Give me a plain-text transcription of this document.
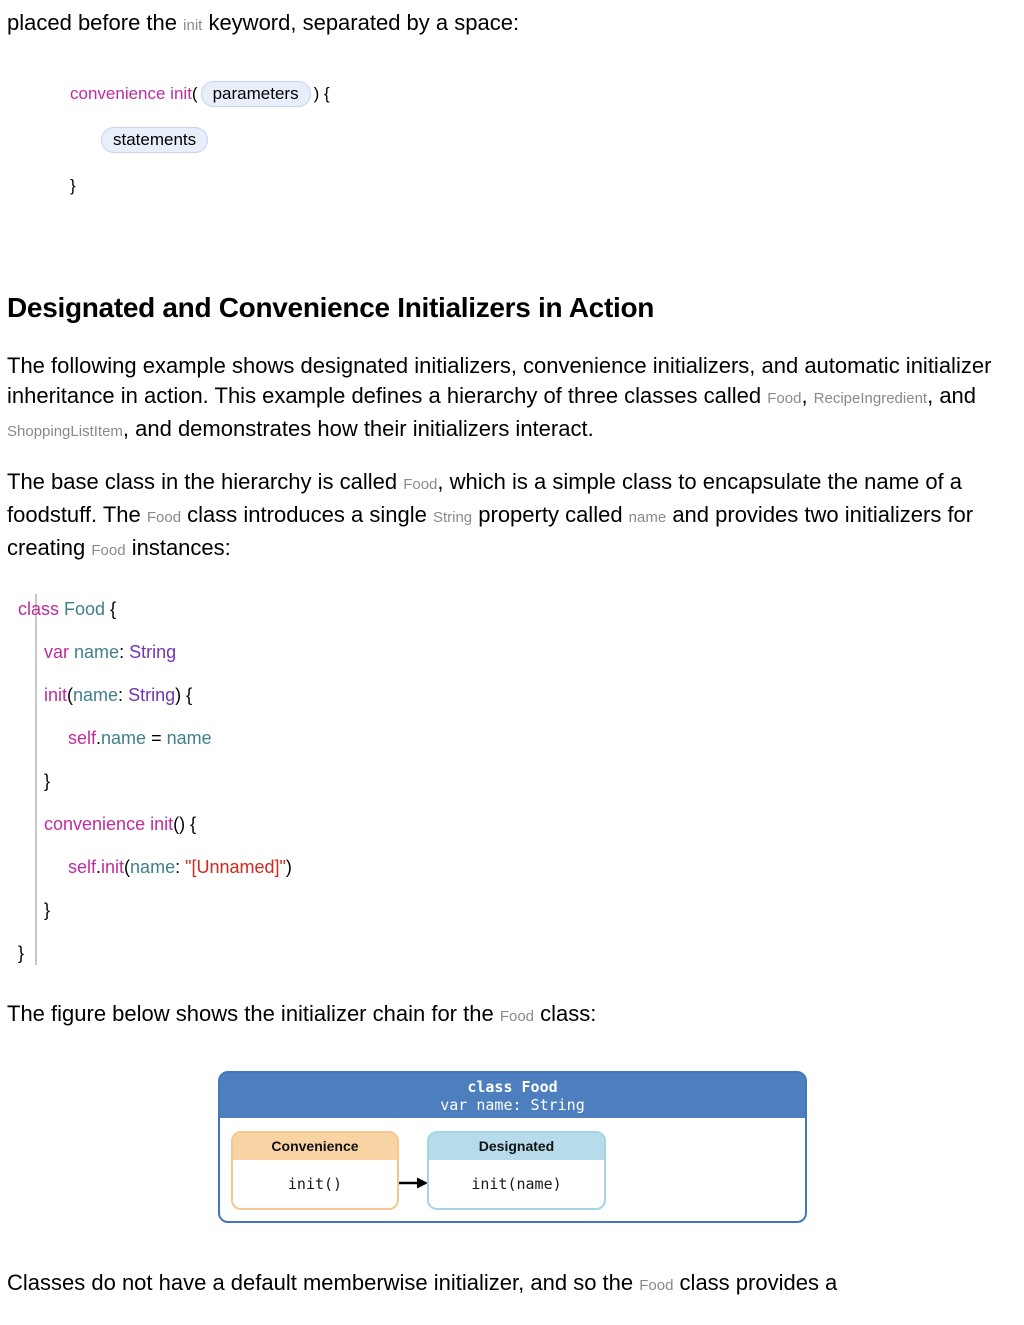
placed before the init keyword, separated by a space:

convenience init( parameters ) {
statements
}
Designated and Convenience Initializers in Action

The following example shows designated initializers, convenience initializers, and automatic initializer inheritance in action. This example defines a hierarchy of three classes called Food, RecipeIngredient, and ShoppingListItem, and demonstrates how their initializers interact.

The base class in the hierarchy is called Food, which is a simple class to encapsulate the name of a foodstuff. The Food class introduces a single String property called name and provides two initializers for creating Food instances:

class Food {
var name: String
init(name: String) {
self.name = name
}
convenience init() {
self.init(name: "[Unnamed]")
}
}

The figure below shows the initializer chain for the Food class:

class Food
var name: String
Convenience
init()
Designated
init(name)

Classes do not have a default memberwise initializer, and so the Food class provides a
